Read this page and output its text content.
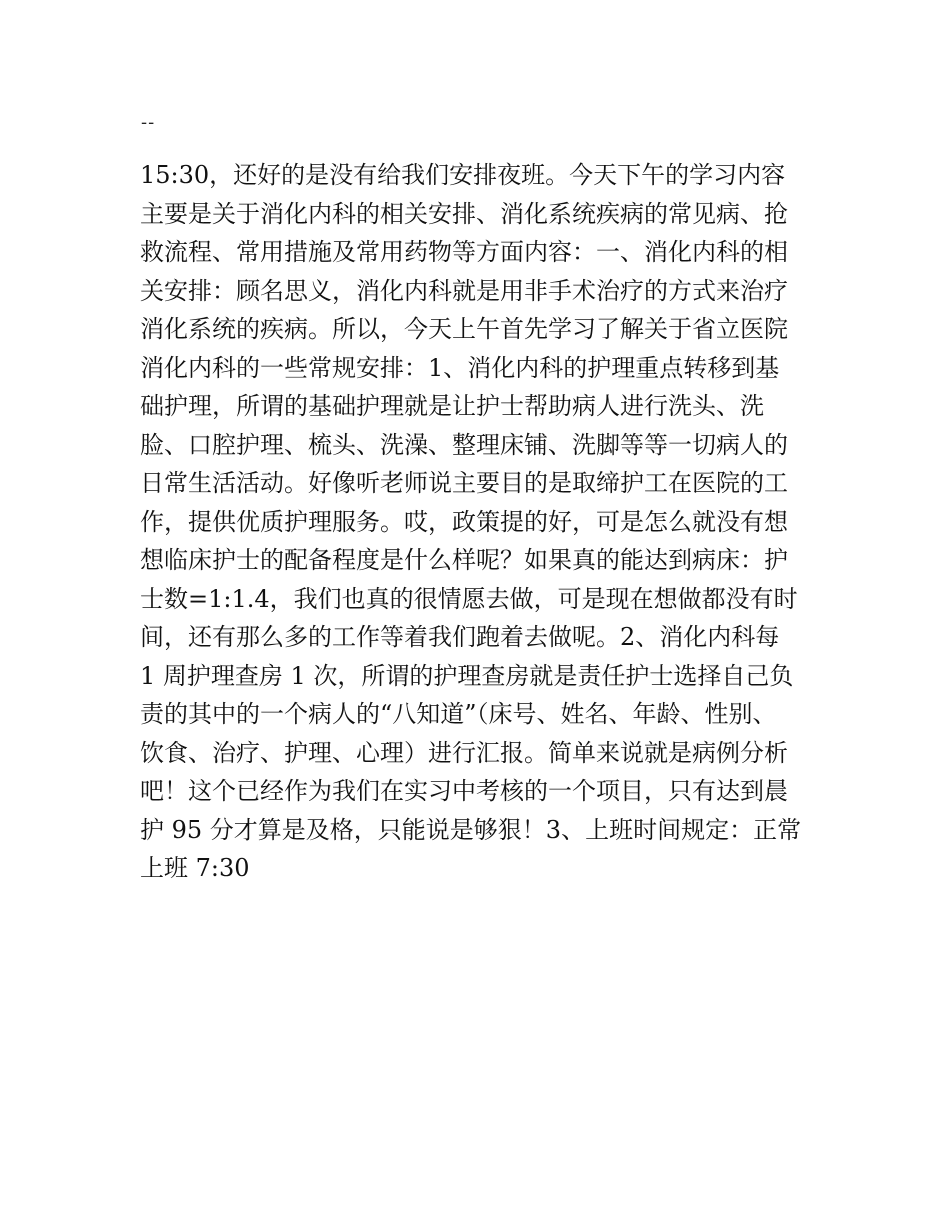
--
15:30，还好的是没有给我们安排夜班。今天下午的学习内容
主要是关于消化内科的相关安排、消化系统疾病的常见病、抢
救流程、常用措施及常用药物等方面内容：一、消化内科的相
关安排：顾名思义，消化内科就是用非手术治疗的方式来治疗
消化系统的疾病。所以，今天上午首先学习了解关于省立医院
消化内科的一些常规安排：1、消化内科的护理重点转移到基
础护理，所谓的基础护理就是让护士帮助病人进行洗头、洗
脸、口腔护理、梳头、洗澡、整理床铺、洗脚等等一切病人的
日常生活活动。好像听老师说主要目的是取缔护工在医院的工
作，提供优质护理服务。哎，政策提的好，可是怎么就没有想
想临床护士的配备程度是什么样呢？如果真的能达到病床：护
士数=1:1.4，我们也真的很情愿去做，可是现在想做都没有时
间，还有那么多的工作等着我们跑着去做呢。2、消化内科每
1 周护理查房 1 次，所谓的护理查房就是责任护士选择自己负
责的其中的一个病人的“八知道”（床号、姓名、年龄、性别、
饮食、治疗、护理、心理）进行汇报。简单来说就是病例分析
吧！这个已经作为我们在实习中考核的一个项目，只有达到晨
护 95 分才算是及格，只能说是够狠！3、上班时间规定：正常
上班 7:30
